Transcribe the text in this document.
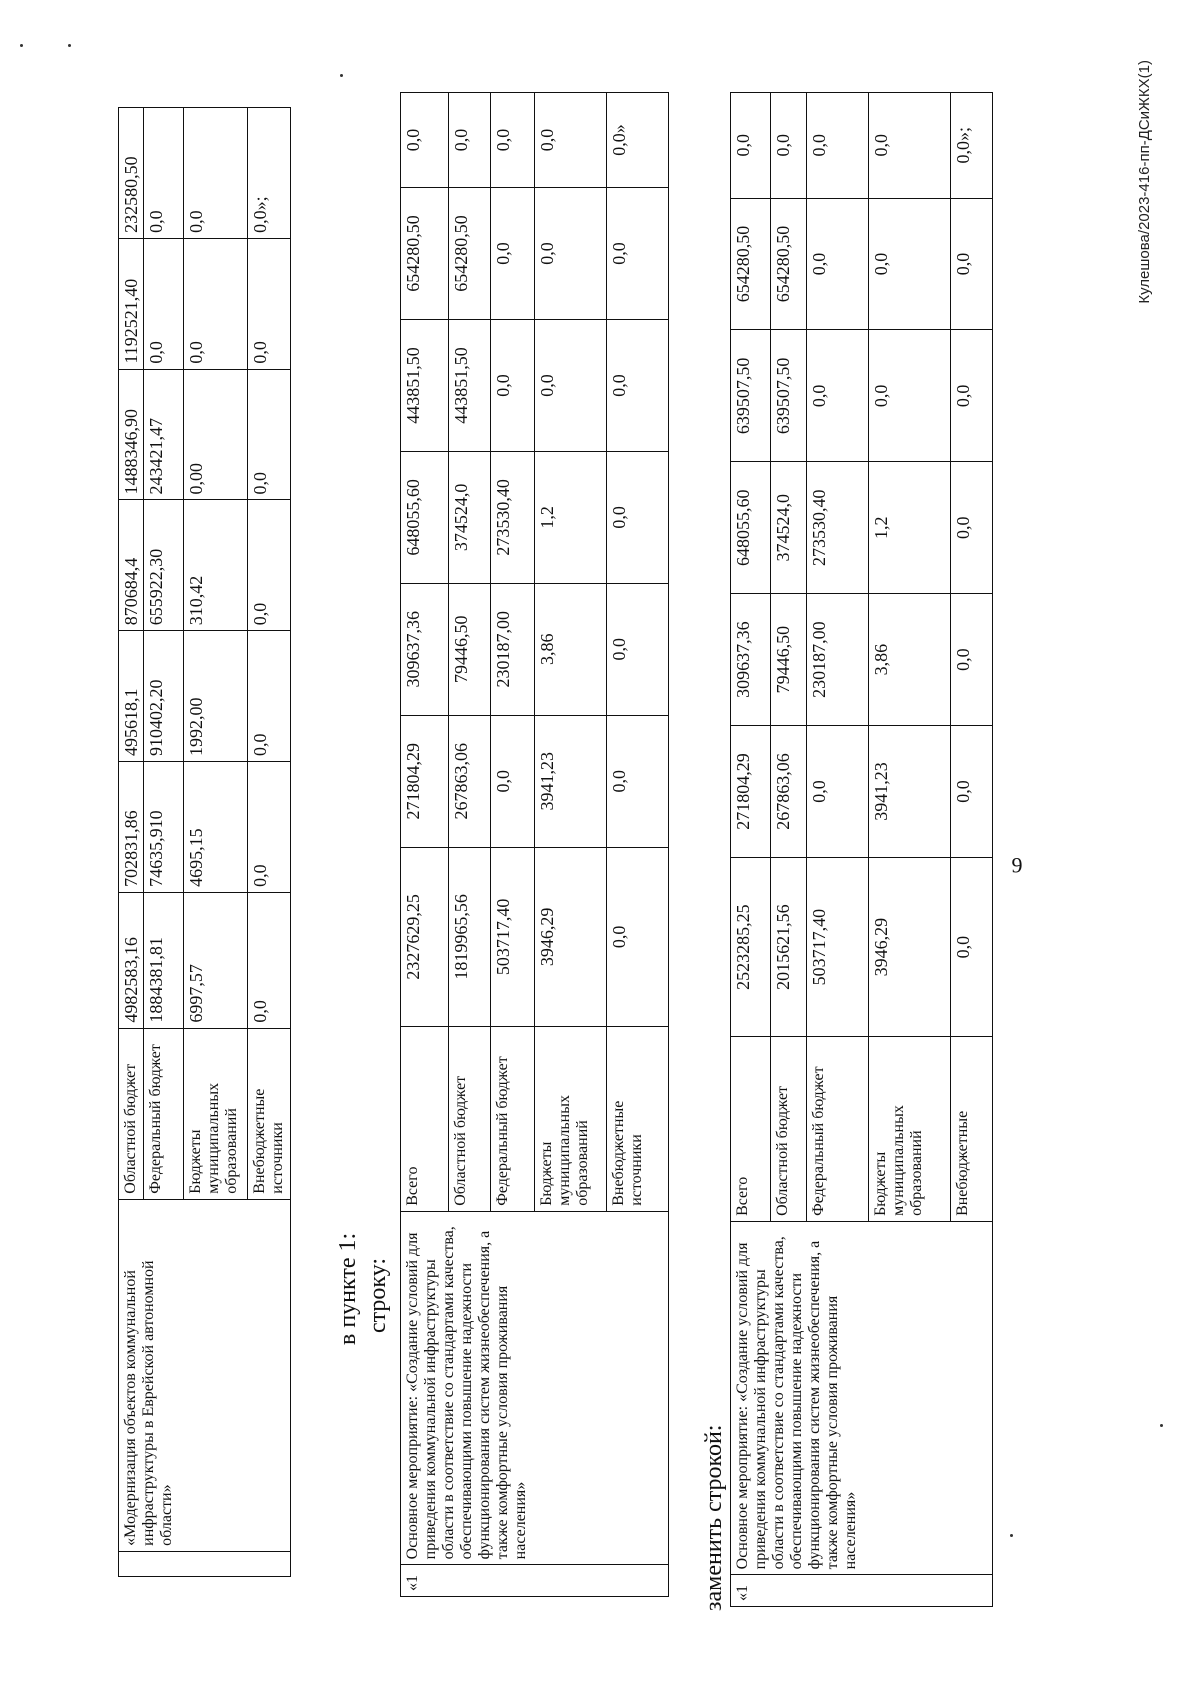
9
	«Модернизация объектов коммунальной инфраструктуры в Еврейской автономной области»	Областной бюджет	4982583,16	702831,86	495618,1	870684,4	1488346,90	1192521,40	232580,50
		Федеральный бюджет	1884381,81	74635,910	910402,20	655922,30	243421,47	0,0	0,0
		Бюджеты муниципальных образований	6997,57	4695,15	1992,00	310,42	0,00	0,0	0,0
		Внебюджетные источники	0,0	0,0	0,0	0,0	0,0	0,0	0,0»;
в пункте 1: строку:
«1	Основное мероприятие: «Создание условий для приведения коммунальной инфраструктуры области в соответствие со стандартами качества, обеспечивающими повышение надежности функционирования систем жизнеобеспечения, а также комфортные условия проживания населения»	Всего	2327629,25	271804,29	309637,36	648055,60	443851,50	654280,50	0,0
		Областной бюджет	1819965,56	267863,06	79446,50	374524,0	443851,50	654280,50	0,0
		Федеральный бюджет	503717,40	0,0	230187,00	273530,40	0,0	0,0	0,0
		Бюджеты муниципальных образований	3946,29	3941,23	3,86	1,2	0,0	0,0	0,0
		Внебюджетные источники	0,0	0,0	0,0	0,0	0,0	0,0	0,0»
заменить строкой: «1	Основное мероприятие: «Создание условий для приведения коммунальной инфраструктуры области в соответствие со стандартами качества, обеспечивающими повышение надежности функционирования систем жизнеобеспечения, а также комфортные условия проживания населения»	Всего	2523285,25	271804,29	309637,36	648055,60	639507,50	654280,50	0,0
		Областной бюджет	2015621,56	267863,06	79446,50	374524,0	639507,50	654280,50	0,0
		Федеральный бюджет	503717,40	0,0	230187,00	273530,40	0,0	0,0	0,0
		Бюджеты муниципальных образований	3946,29	3941,23	3,86	1,2	0,0	0,0	0,0
		Внебюджетные	0,0	0,0	0,0	0,0	0,0	0,0	0,0»;	Кулешова/2023-416-пп-ДСиЖКХ(1)
